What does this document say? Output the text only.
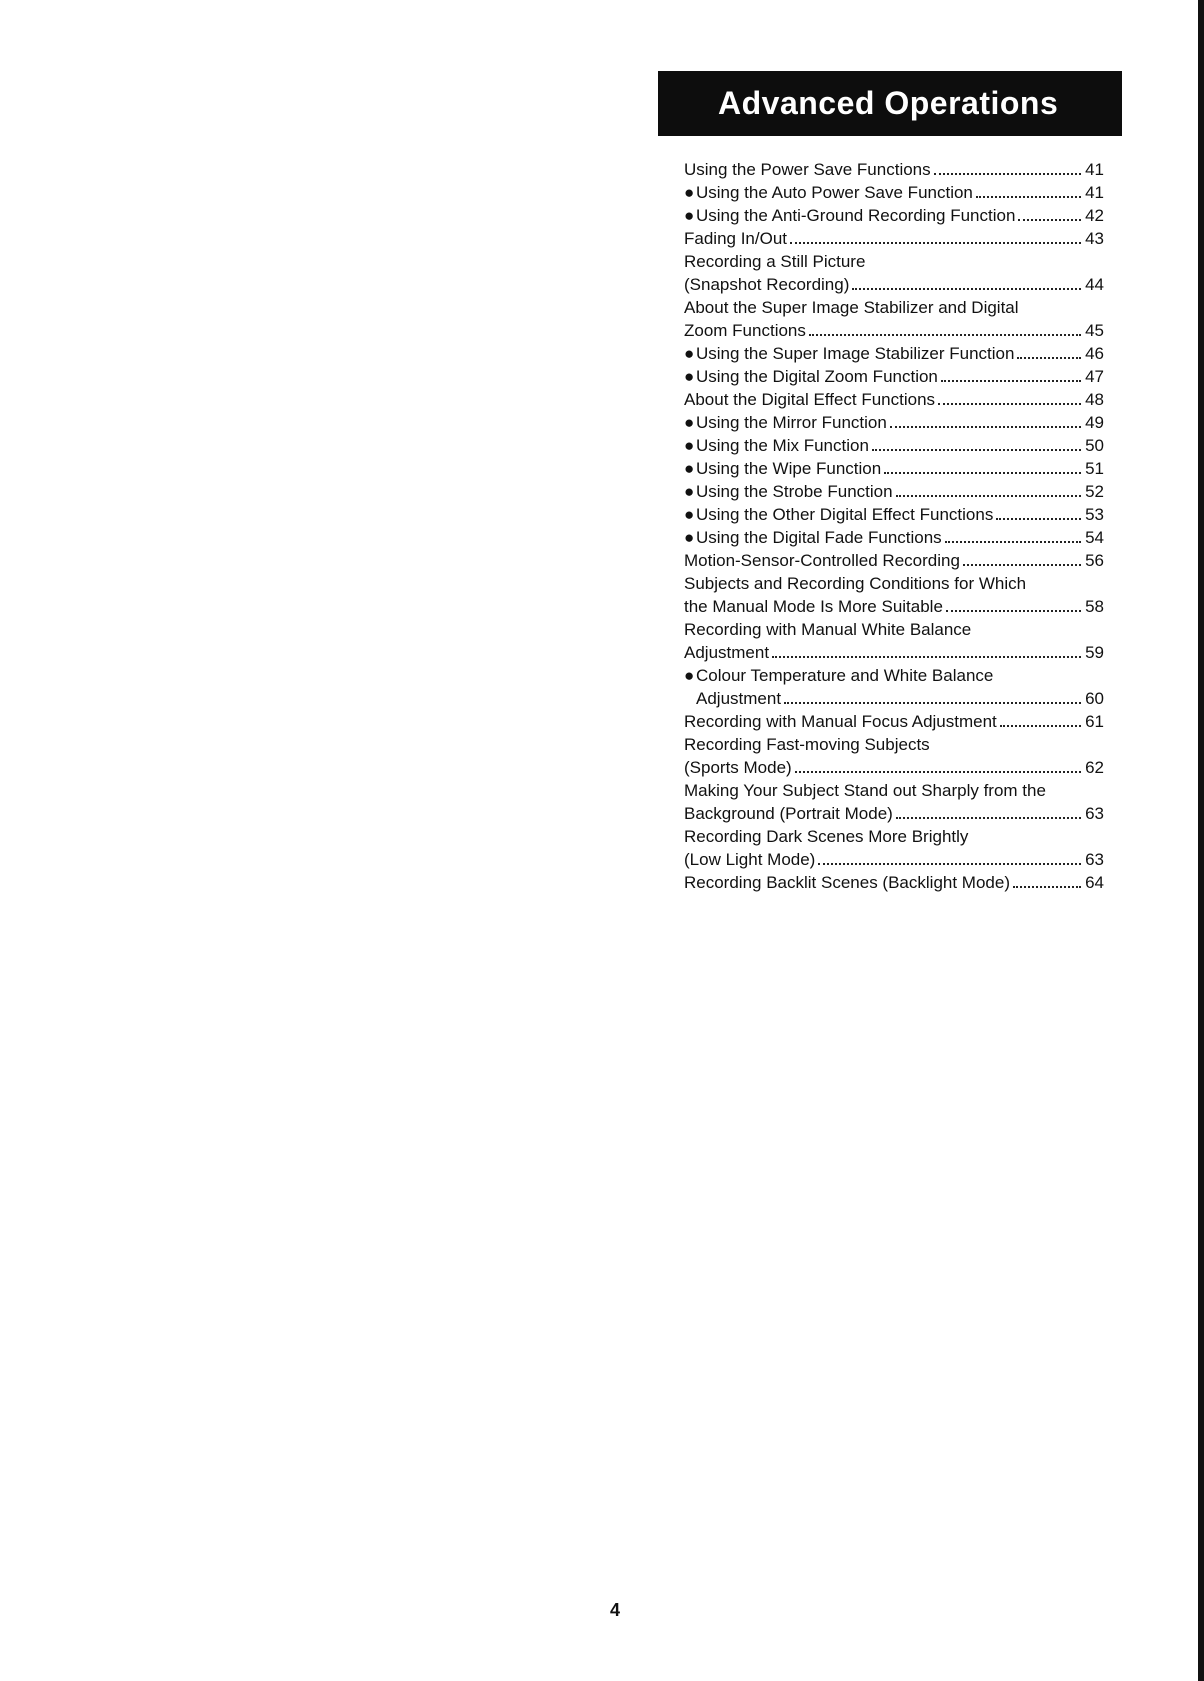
Advanced Operations
Using the Power Save Functions	41
● Using the Auto Power Save Function	41
● Using the Anti-Ground Recording Function	42
Fading In/Out	43
Recording a Still Picture
(Snapshot Recording)	44
About the Super Image Stabilizer and Digital
Zoom Functions	45
● Using the Super Image Stabilizer Function	46
● Using the Digital Zoom Function	47
About the Digital Effect Functions	48
● Using the Mirror Function	49
● Using the Mix Function	50
● Using the Wipe Function	51
● Using the Strobe Function	52
● Using the Other Digital Effect Functions	53
● Using the Digital Fade Functions	54
Motion-Sensor-Controlled Recording	56
Subjects and Recording Conditions for Which
the Manual Mode Is More Suitable	58
Recording with Manual White Balance
Adjustment	59
● Colour Temperature and White Balance
Adjustment	60
Recording with Manual Focus Adjustment	61
Recording Fast-moving Subjects
(Sports Mode)	62
Making Your Subject Stand out Sharply from the
Background (Portrait Mode)	63
Recording Dark Scenes More Brightly
(Low Light Mode)	63
Recording Backlit Scenes (Backlight Mode)	64
4
